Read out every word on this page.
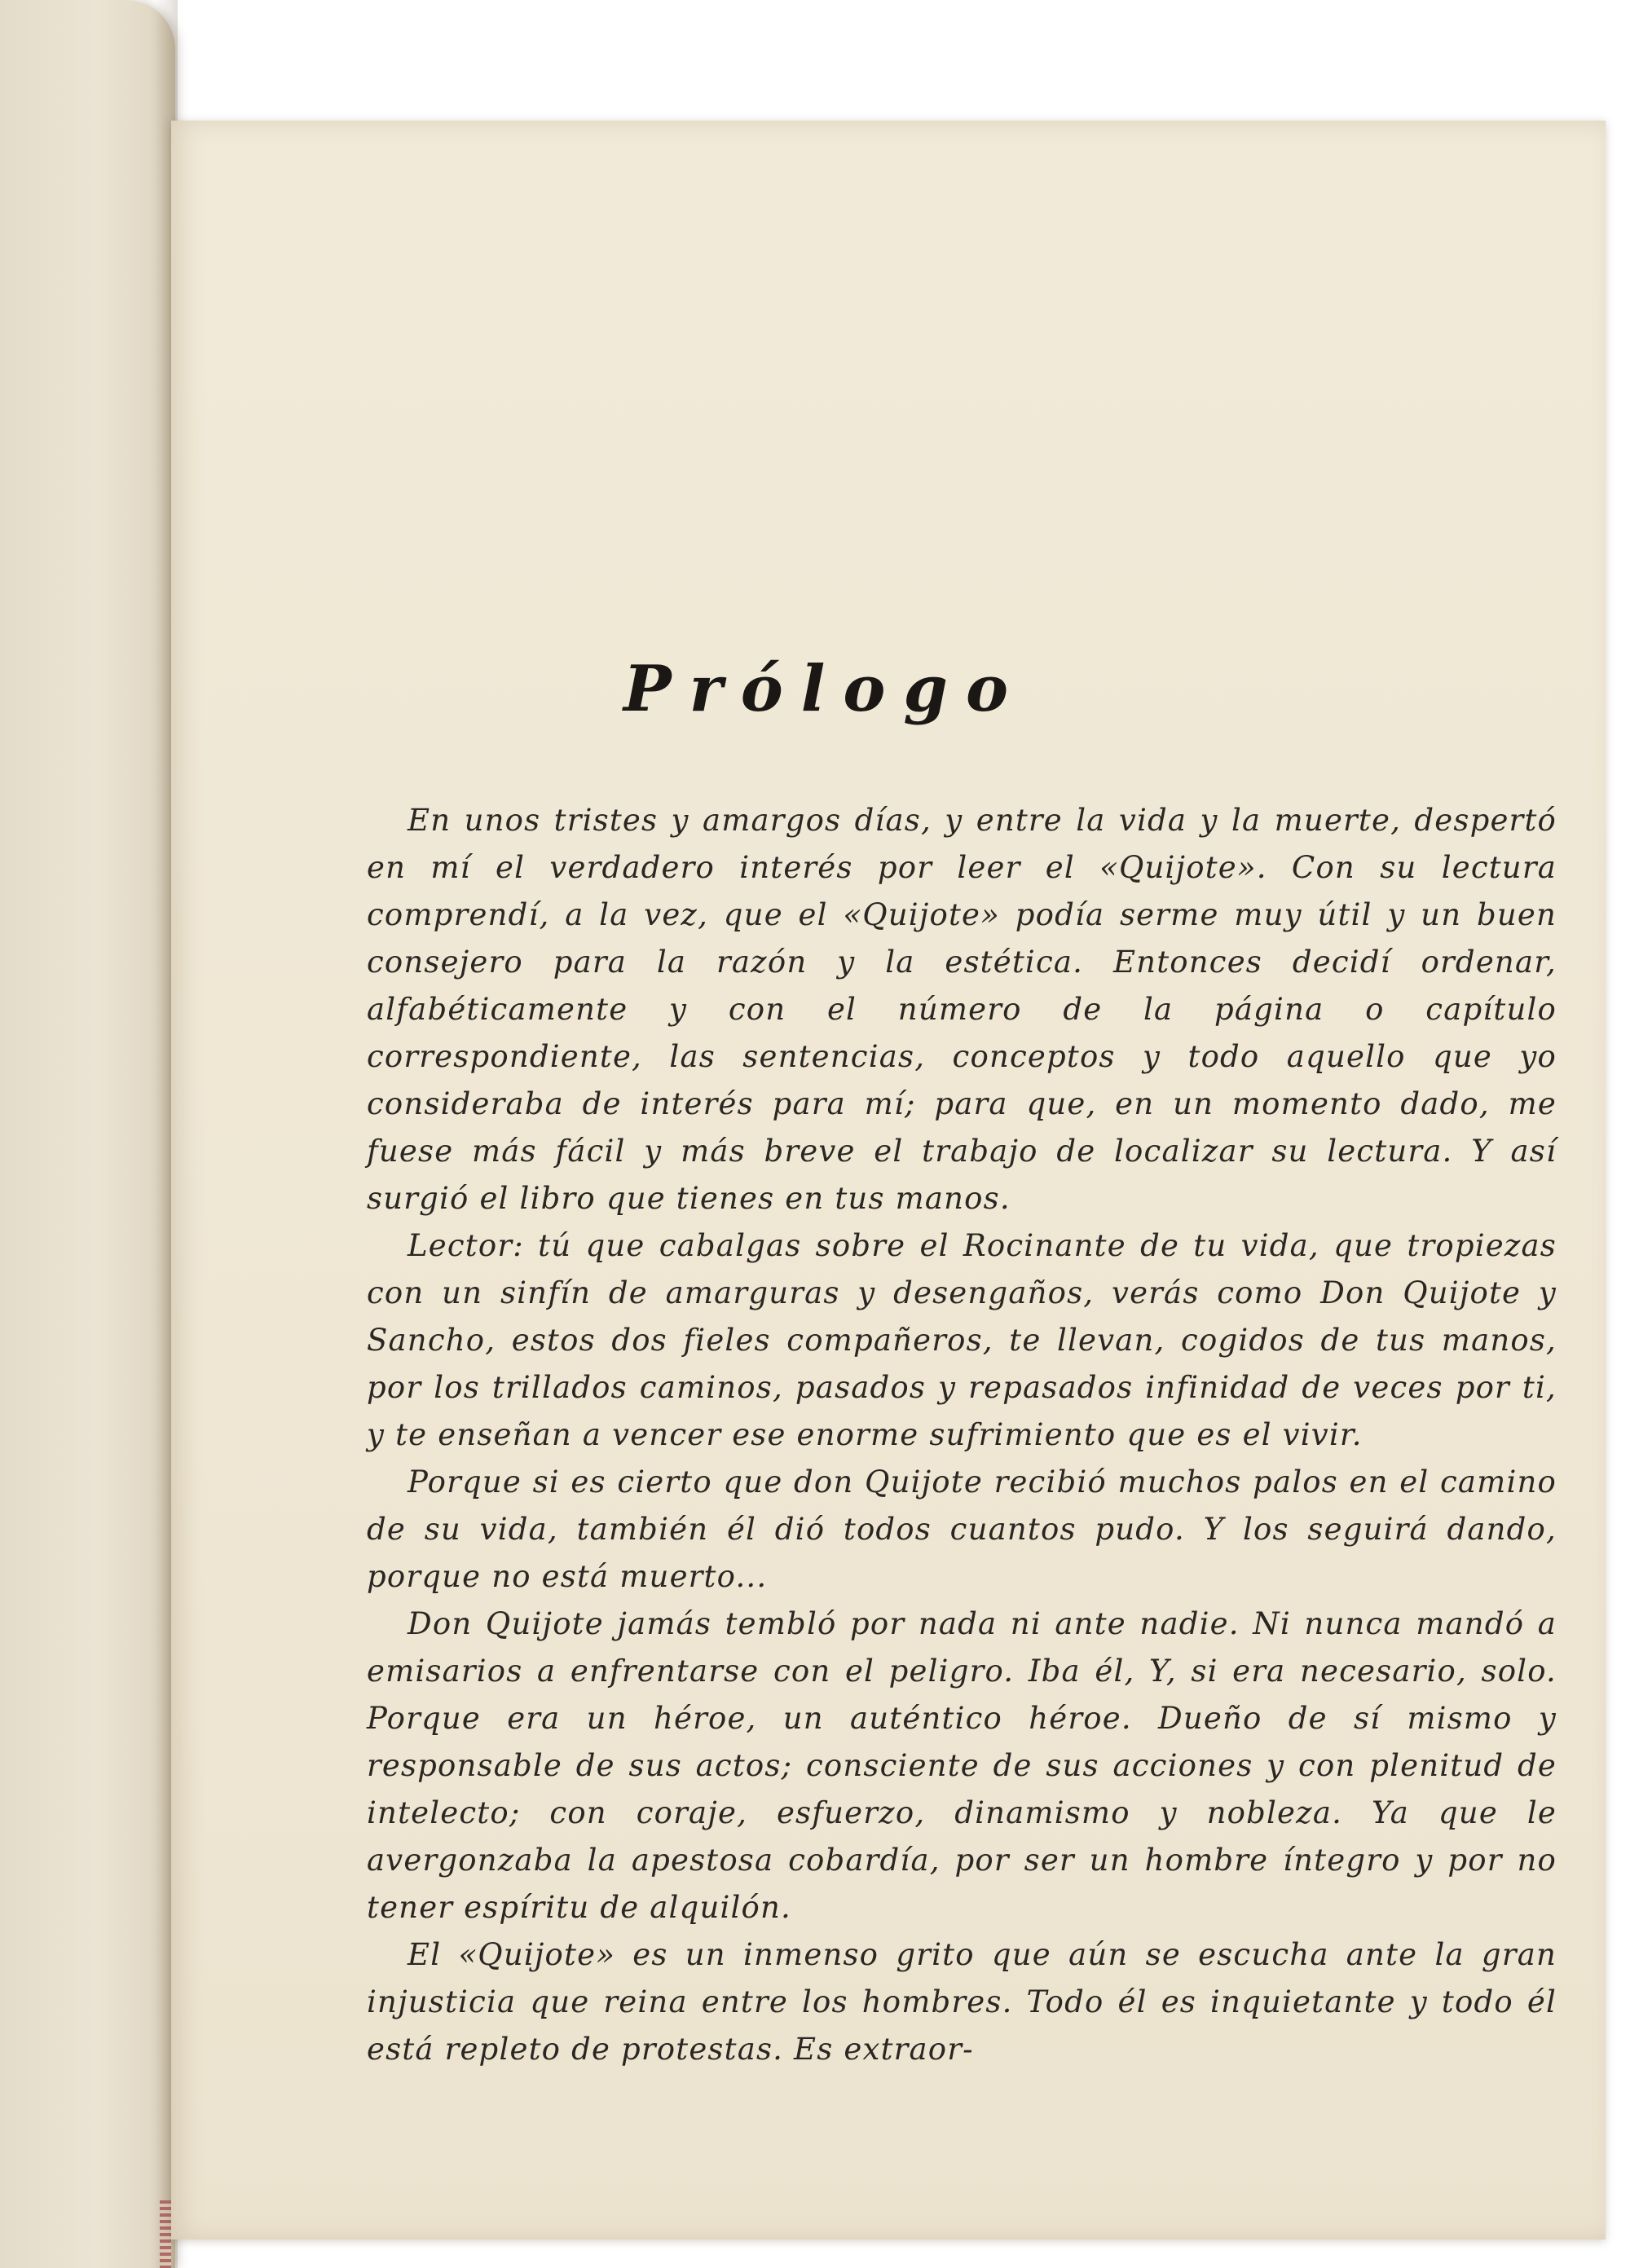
Prólogo

En unos tristes y amargos días, y entre la vida y la muerte, despertó en mí el verdadero interés por leer el «Quijote». Con su lectura comprendí, a la vez, que el «Quijote» podía serme muy útil y un buen consejero para la razón y la estética. Entonces decidí ordenar, alfabéticamente y con el número de la página o capítulo correspondiente, las sentencias, conceptos y todo aquello que yo consideraba de interés para mí; para que, en un momento dado, me fuese más fácil y más breve el trabajo de localizar su lectura. Y así surgió el libro que tienes en tus manos.

Lector: tú que cabalgas sobre el Rocinante de tu vida, que tropiezas con un sinfín de amarguras y desengaños, verás como Don Quijote y Sancho, estos dos fieles compañeros, te llevan, cogidos de tus manos, por los trillados caminos, pasados y repasados infinidad de veces por ti, y te enseñan a vencer ese enorme sufrimiento que es el vivir.

Porque si es cierto que don Quijote recibió muchos palos en el camino de su vida, también él dió todos cuantos pudo. Y los seguirá dando, porque no está muerto...

Don Quijote jamás tembló por nada ni ante nadie. Ni nunca mandó a emisarios a enfrentarse con el peligro. Iba él, Y, si era necesario, solo. Porque era un héroe, un auténtico héroe. Dueño de sí mismo y responsable de sus actos; consciente de sus acciones y con plenitud de intelecto; con coraje, esfuerzo, dinamismo y nobleza. Ya que le avergonzaba la apestosa cobardía, por ser un hombre íntegro y por no tener espíritu de alquilón.

El «Quijote» es un inmenso grito que aún se escucha ante la gran injusticia que reina entre los hombres. Todo él es inquietante y todo él está repleto de protestas. Es extraor-
